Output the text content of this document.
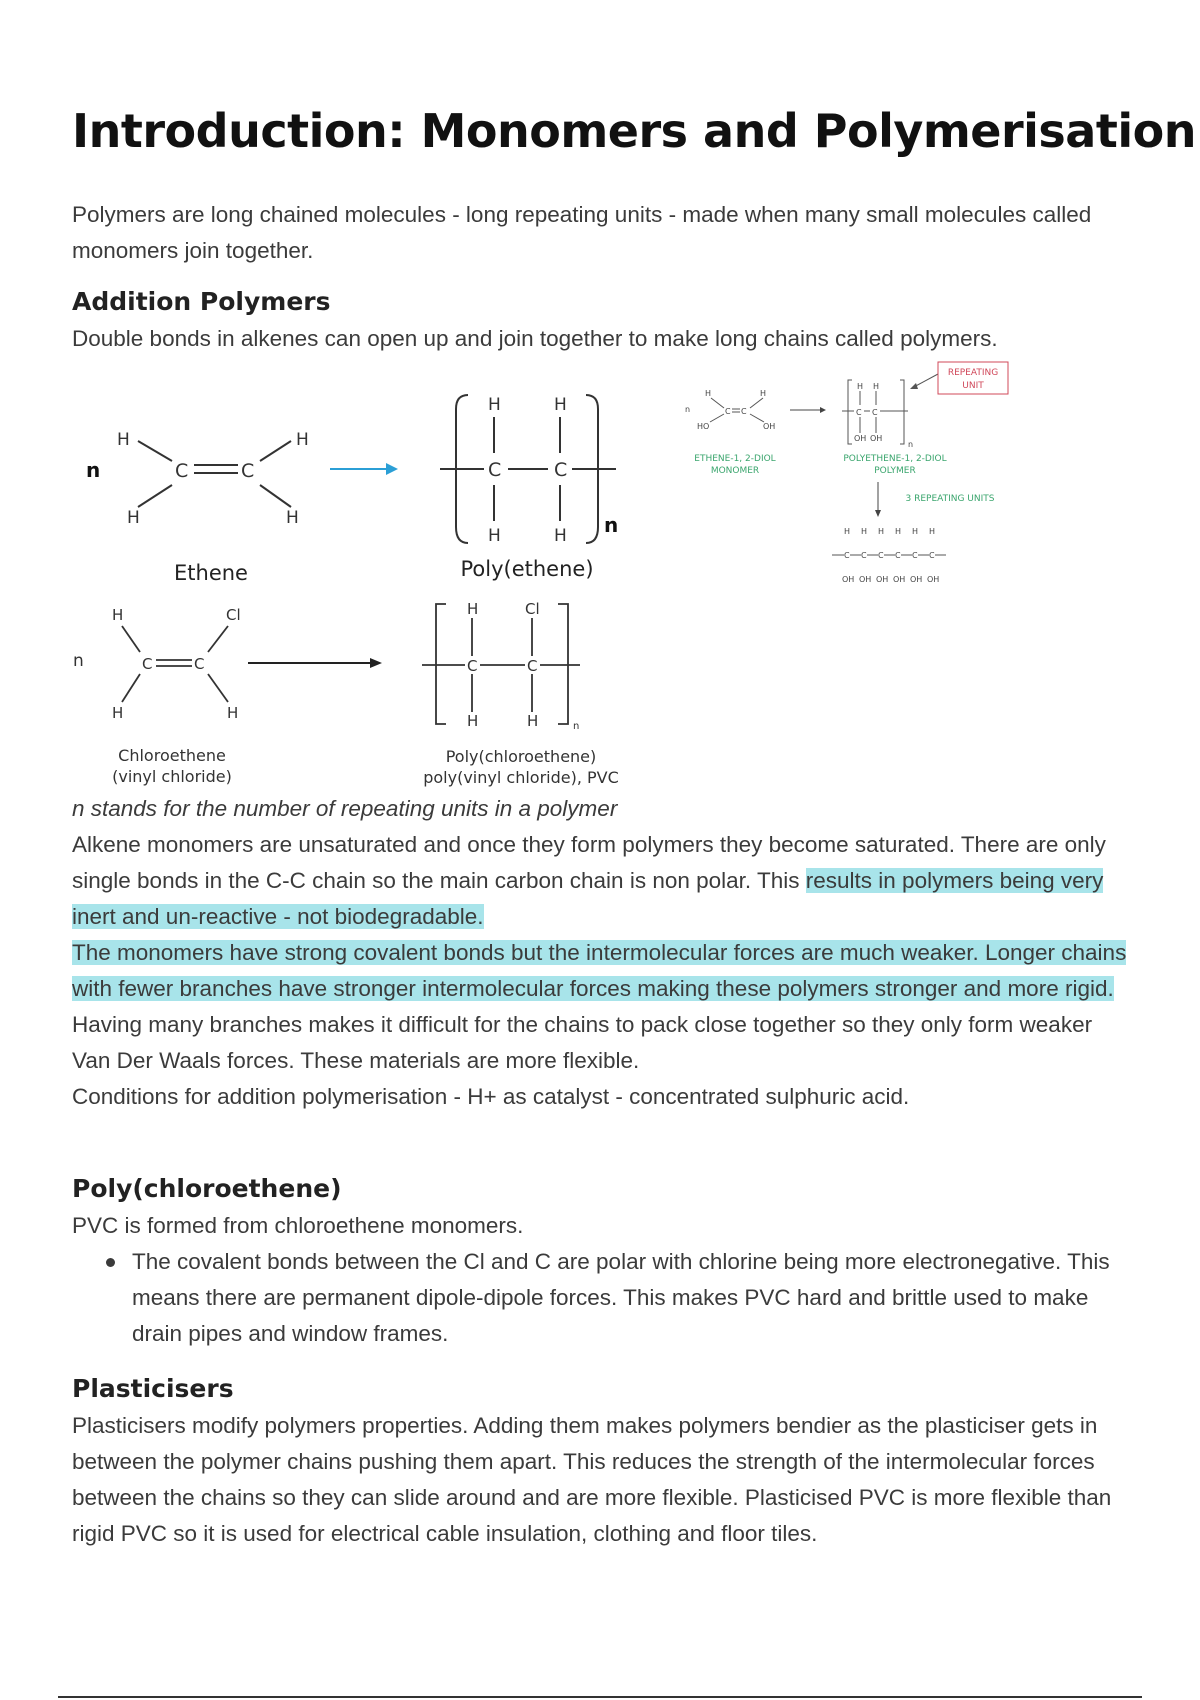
Introduction: Monomers and Polymerisation

Polymers are long chained molecules - long repeating units - made when many small molecules called monomers join together.

Addition Polymers

Double bonds in alkenes can open up and join together to make long chains called polymers.

n
H
H
H
H
C	C
H	H
H	H
C	C
n
Ethene	Poly(ethene)
n
H	H
HO	OH
C C
H H
C C
OH OH
n
REPEATING
UNIT
ETHENE-1, 2-DIOL
MONOMER
POLYETHENE-1, 2-DIOL
POLYMER
3 REPEATING UNITS
H H H H H H
C C C C C C
OH OH OH OH OH OH
n
H
H
Cl
H
C	C
H	Cl
C	C
H	H	n
Chloroethene
(vinyl chloride)
Poly(chloroethene)
poly(vinyl chloride), PVC

n stands for the number of repeating units in a polymer

Alkene monomers are unsaturated and once they form polymers they become saturated. There are only single bonds in the C-C chain so the main carbon chain is non polar. This results in polymers being very inert and un-reactive - not biodegradable.

The monomers have strong covalent bonds but the intermolecular forces are much weaker. Longer chains with fewer branches have stronger intermolecular forces making these polymers stronger and more rigid.

Having many branches makes it difficult for the chains to pack close together so they only form weaker Van Der Waals forces. These materials are more flexible.

Conditions for addition polymerisation - H+ as catalyst - concentrated sulphuric acid.

Poly(chloroethene)

PVC is formed from chloroethene monomers.

The covalent bonds between the Cl and C are polar with chlorine being more electronegative. This means there are permanent dipole-dipole forces. This makes PVC hard and brittle used to make drain pipes and window frames.
Plasticisers

Plasticisers modify polymers properties. Adding them makes polymers bendier as the plasticiser gets in between the polymer chains pushing them apart. This reduces the strength of the intermolecular forces between the chains so they can slide around and are more flexible. Plasticised PVC is more flexible than rigid PVC so it is used for electrical cable insulation, clothing and floor tiles.
